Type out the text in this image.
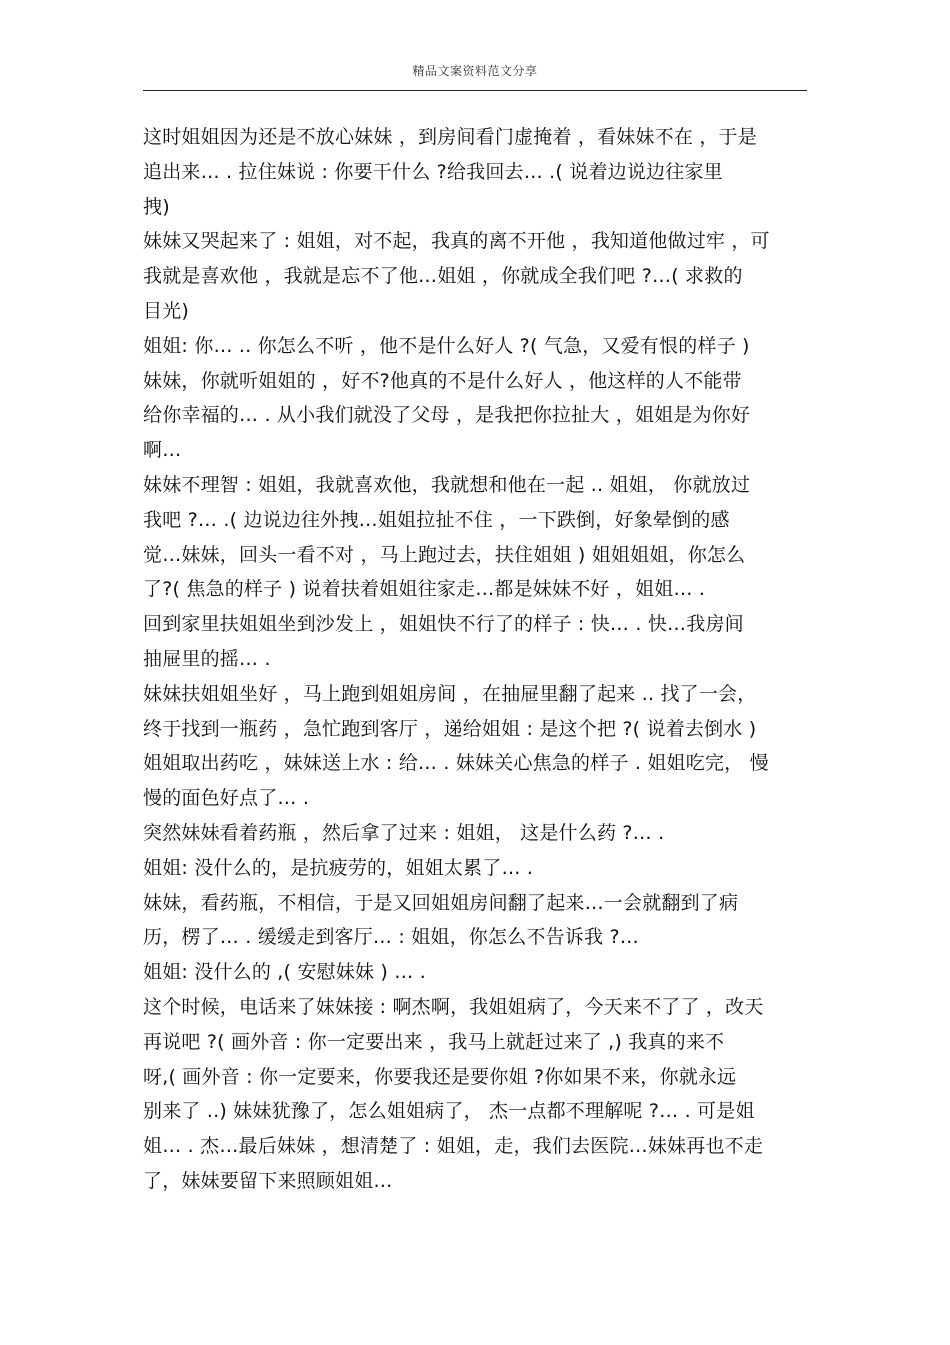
精品文案资料范文分享
这时姐姐因为还是不放心妹妹 ，到房间看门虚掩着 ，看妹妹不在 ，于是
追出来… . 拉住妹说 : 你要干什么 ?给我回去… .( 说着边说边往家里
拽)
妹妹又哭起来了 : 姐姐，对不起，我真的离不开他 ，我知道他做过牢 ，可
我就是喜欢他 ，我就是忘不了他…姐姐 ，你就成全我们吧 ?…( 求救的
目光)
姐姐: 你… .. 你怎么不听 ，他不是什么好人 ?( 气急，又爱有恨的样子 )
妹妹，你就听姐姐的 ，好不?他真的不是什么好人 ，他这样的人不能带
给你幸福的… . 从小我们就没了父母 ，是我把你拉扯大 ，姐姐是为你好
啊…
妹妹不理智 : 姐姐，我就喜欢他，我就想和他在一起 .. 姐姐， 你就放过
我吧 ?… .( 边说边往外拽…姐姐拉扯不住 ，一下跌倒，好象晕倒的感
觉…妹妹，回头一看不对 ，马上跑过去，扶住姐姐 ) 姐姐姐姐，你怎么
了?( 焦急的样子 ) 说着扶着姐姐往家走…都是妹妹不好 ，姐姐… .
回到家里扶姐姐坐到沙发上 ，姐姐快不行了的样子 : 快… . 快…我房间
抽屉里的摇… .
妹妹扶姐姐坐好 ，马上跑到姐姐房间 ，在抽屉里翻了起来 .. 找了一会，
终于找到一瓶药 ，急忙跑到客厅 ，递给姐姐 : 是这个把 ?( 说着去倒水 )
姐姐取出药吃 ，妹妹送上水 : 给… . 妹妹关心焦急的样子 . 姐姐吃完， 慢
慢的面色好点了… .
突然妹妹看着药瓶 ，然后拿了过来 : 姐姐， 这是什么药 ?… .
姐姐: 没什么的，是抗疲劳的，姐姐太累了… .
妹妹，看药瓶，不相信，于是又回姐姐房间翻了起来…一会就翻到了病
历，楞了… . 缓缓走到客厅… : 姐姐，你怎么不告诉我 ?…
姐姐: 没什么的 ,( 安慰妹妹 ) … .
这个时候，电话来了妹妹接 : 啊杰啊，我姐姐病了，今天来不了了 ，改天
再说吧 ?( 画外音 : 你一定要出来 ，我马上就赶过来了 ,) 我真的来不
呀,( 画外音 : 你一定要来，你要我还是要你姐 ?你如果不来，你就永远
别来了 ..) 妹妹犹豫了，怎么姐姐病了， 杰一点都不理解呢 ?… . 可是姐
姐… . 杰…最后妹妹 ，想清楚了 : 姐姐，走，我们去医院…妹妹再也不走
了，妹妹要留下来照顾姐姐…
